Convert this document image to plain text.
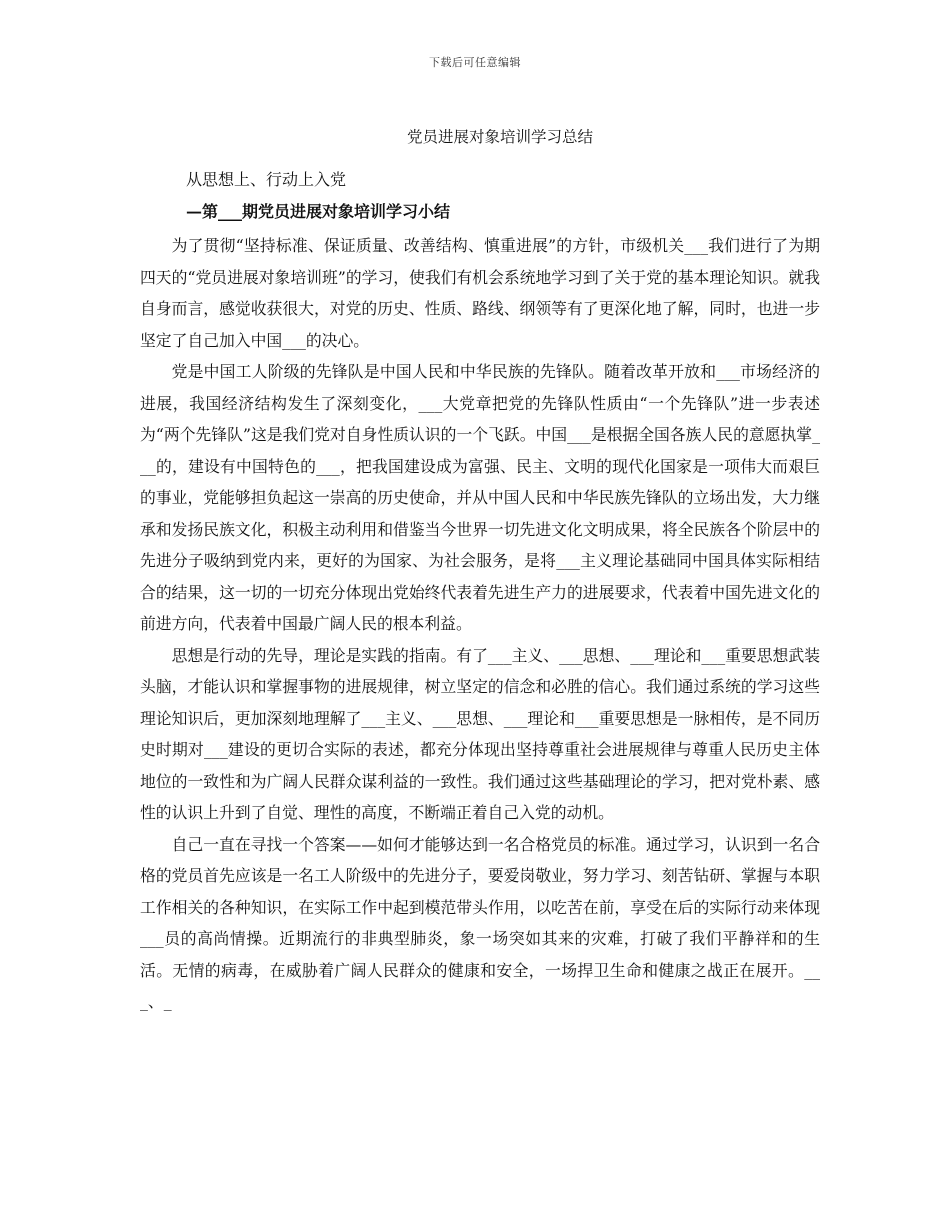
下载后可任意编辑
党员进展对象培训学习总结
从思想上、行动上入党
—第___期党员进展对象培训学习小结

为了贯彻“坚持标准、保证质量、改善结构、慎重进展”的方针，市级机关___我们进行了为期四天的“党员进展对象培训班”的学习，使我们有机会系统地学习到了关于党的基本理论知识。就我自身而言，感觉收获很大，对党的历史、性质、路线、纲领等有了更深化地了解，同时，也进一步坚定了自己加入中国___的决心。

党是中国工人阶级的先锋队是中国人民和中华民族的先锋队。随着改革开放和___市场经济的进展，我国经济结构发生了深刻变化，___大党章把党的先锋队性质由“一个先锋队”进一步表述为“两个先锋队”这是我们党对自身性质认识的一个飞跃。中国___是根据全国各族人民的意愿执掌___的，建设有中国特色的___，把我国建设成为富强、民主、文明的现代化国家是一项伟大而艰巨的事业，党能够担负起这一崇高的历史使命，并从中国人民和中华民族先锋队的立场出发，大力继承和发扬民族文化，积极主动利用和借鉴当今世界一切先进文化文明成果，将全民族各个阶层中的先进分子吸纳到党内来，更好的为国家、为社会服务，是将___主义理论基础同中国具体实际相结合的结果，这一切的一切充分体现出党始终代表着先进生产力的进展要求，代表着中国先进文化的前进方向，代表着中国最广阔人民的根本利益。

思想是行动的先导，理论是实践的指南。有了___主义、___思想、___理论和___重要思想武装头脑，才能认识和掌握事物的进展规律，树立坚定的信念和必胜的信心。我们通过系统的学习这些理论知识后，更加深刻地理解了___主义、___思想、___理论和___重要思想是一脉相传，是不同历史时期对___建设的更切合实际的表述，都充分体现出坚持尊重社会进展规律与尊重人民历史主体地位的一致性和为广阔人民群众谋利益的一致性。我们通过这些基础理论的学习，把对党朴素、感性的认识上升到了自觉、理性的高度，不断端正着自己入党的动机。

自己一直在寻找一个答案——如何才能够达到一名合格党员的标准。通过学习，认识到一名合格的党员首先应该是一名工人阶级中的先进分子，要爱岗敬业，努力学习、刻苦钻研、掌握与本职工作相关的各种知识，在实际工作中起到模范带头作用，以吃苦在前，享受在后的实际行动来体现___员的高尚情操。近期流行的非典型肺炎，象一场突如其来的灾难，打破了我们平静祥和的生活。无情的病毒，在威胁着广阔人民群众的健康和安全，一场捍卫生命和健康之战正在展开。___、_
